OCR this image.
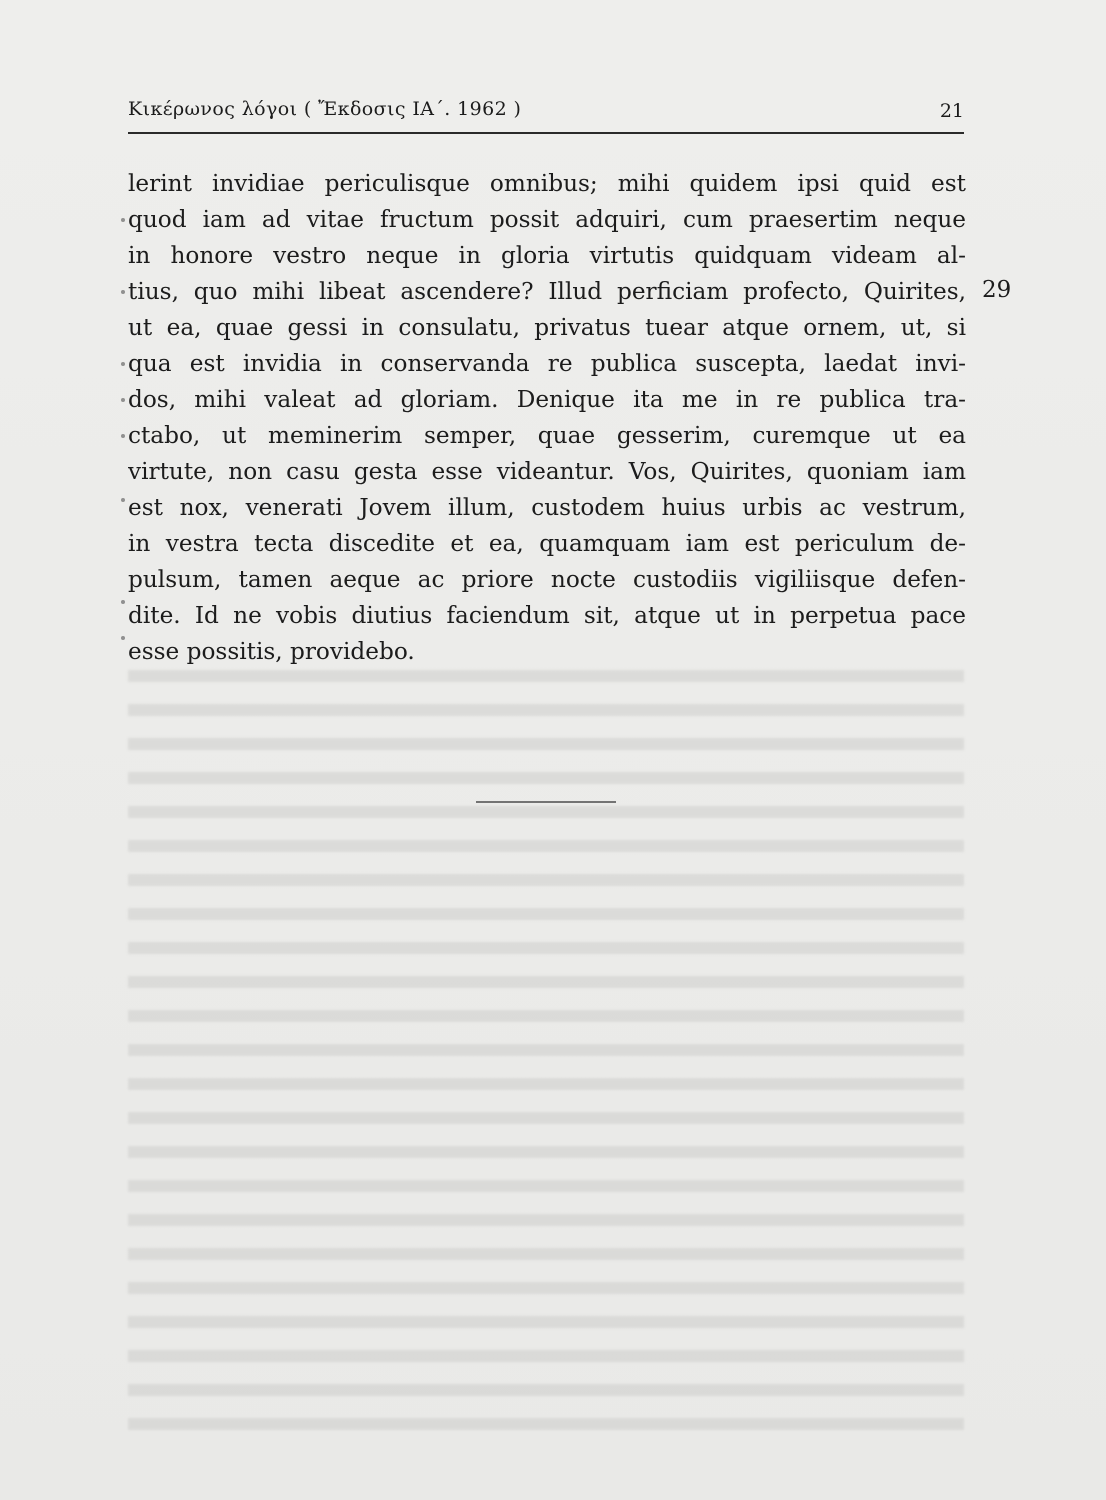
Κικέρωνος λόγοι ( Ἔκδοσις ΙΑ΄. 1962 )	21
lerint invidiae periculisque omnibus; mihi quidem ipsi quid est
quod iam ad vitae fructum possit adquiri, cum praesertim neque
in honore vestro neque in gloria virtutis quidquam videam al-
tius, quo mihi libeat ascendere? Illud perficiam profecto, Quirites,
ut ea, quae gessi in consulatu, privatus tuear atque ornem, ut, si
qua est invidia in conservanda re publica suscepta, laedat invi-
dos, mihi valeat ad gloriam. Denique ita me in re publica tra-
ctabo, ut meminerim semper, quae gesserim, curemque ut ea
virtute, non casu gesta esse videantur. Vos, Quirites, quoniam iam
est nox, venerati Jovem illum, custodem huius urbis ac vestrum,
in vestra tecta discedite et ea, quamquam iam est periculum de-
pulsum, tamen aeque ac priore nocte custodiis vigiliisque defen-
dite. Id ne vobis diutius faciendum sit, atque ut in perpetua pace
esse possitis, providebo.
29
